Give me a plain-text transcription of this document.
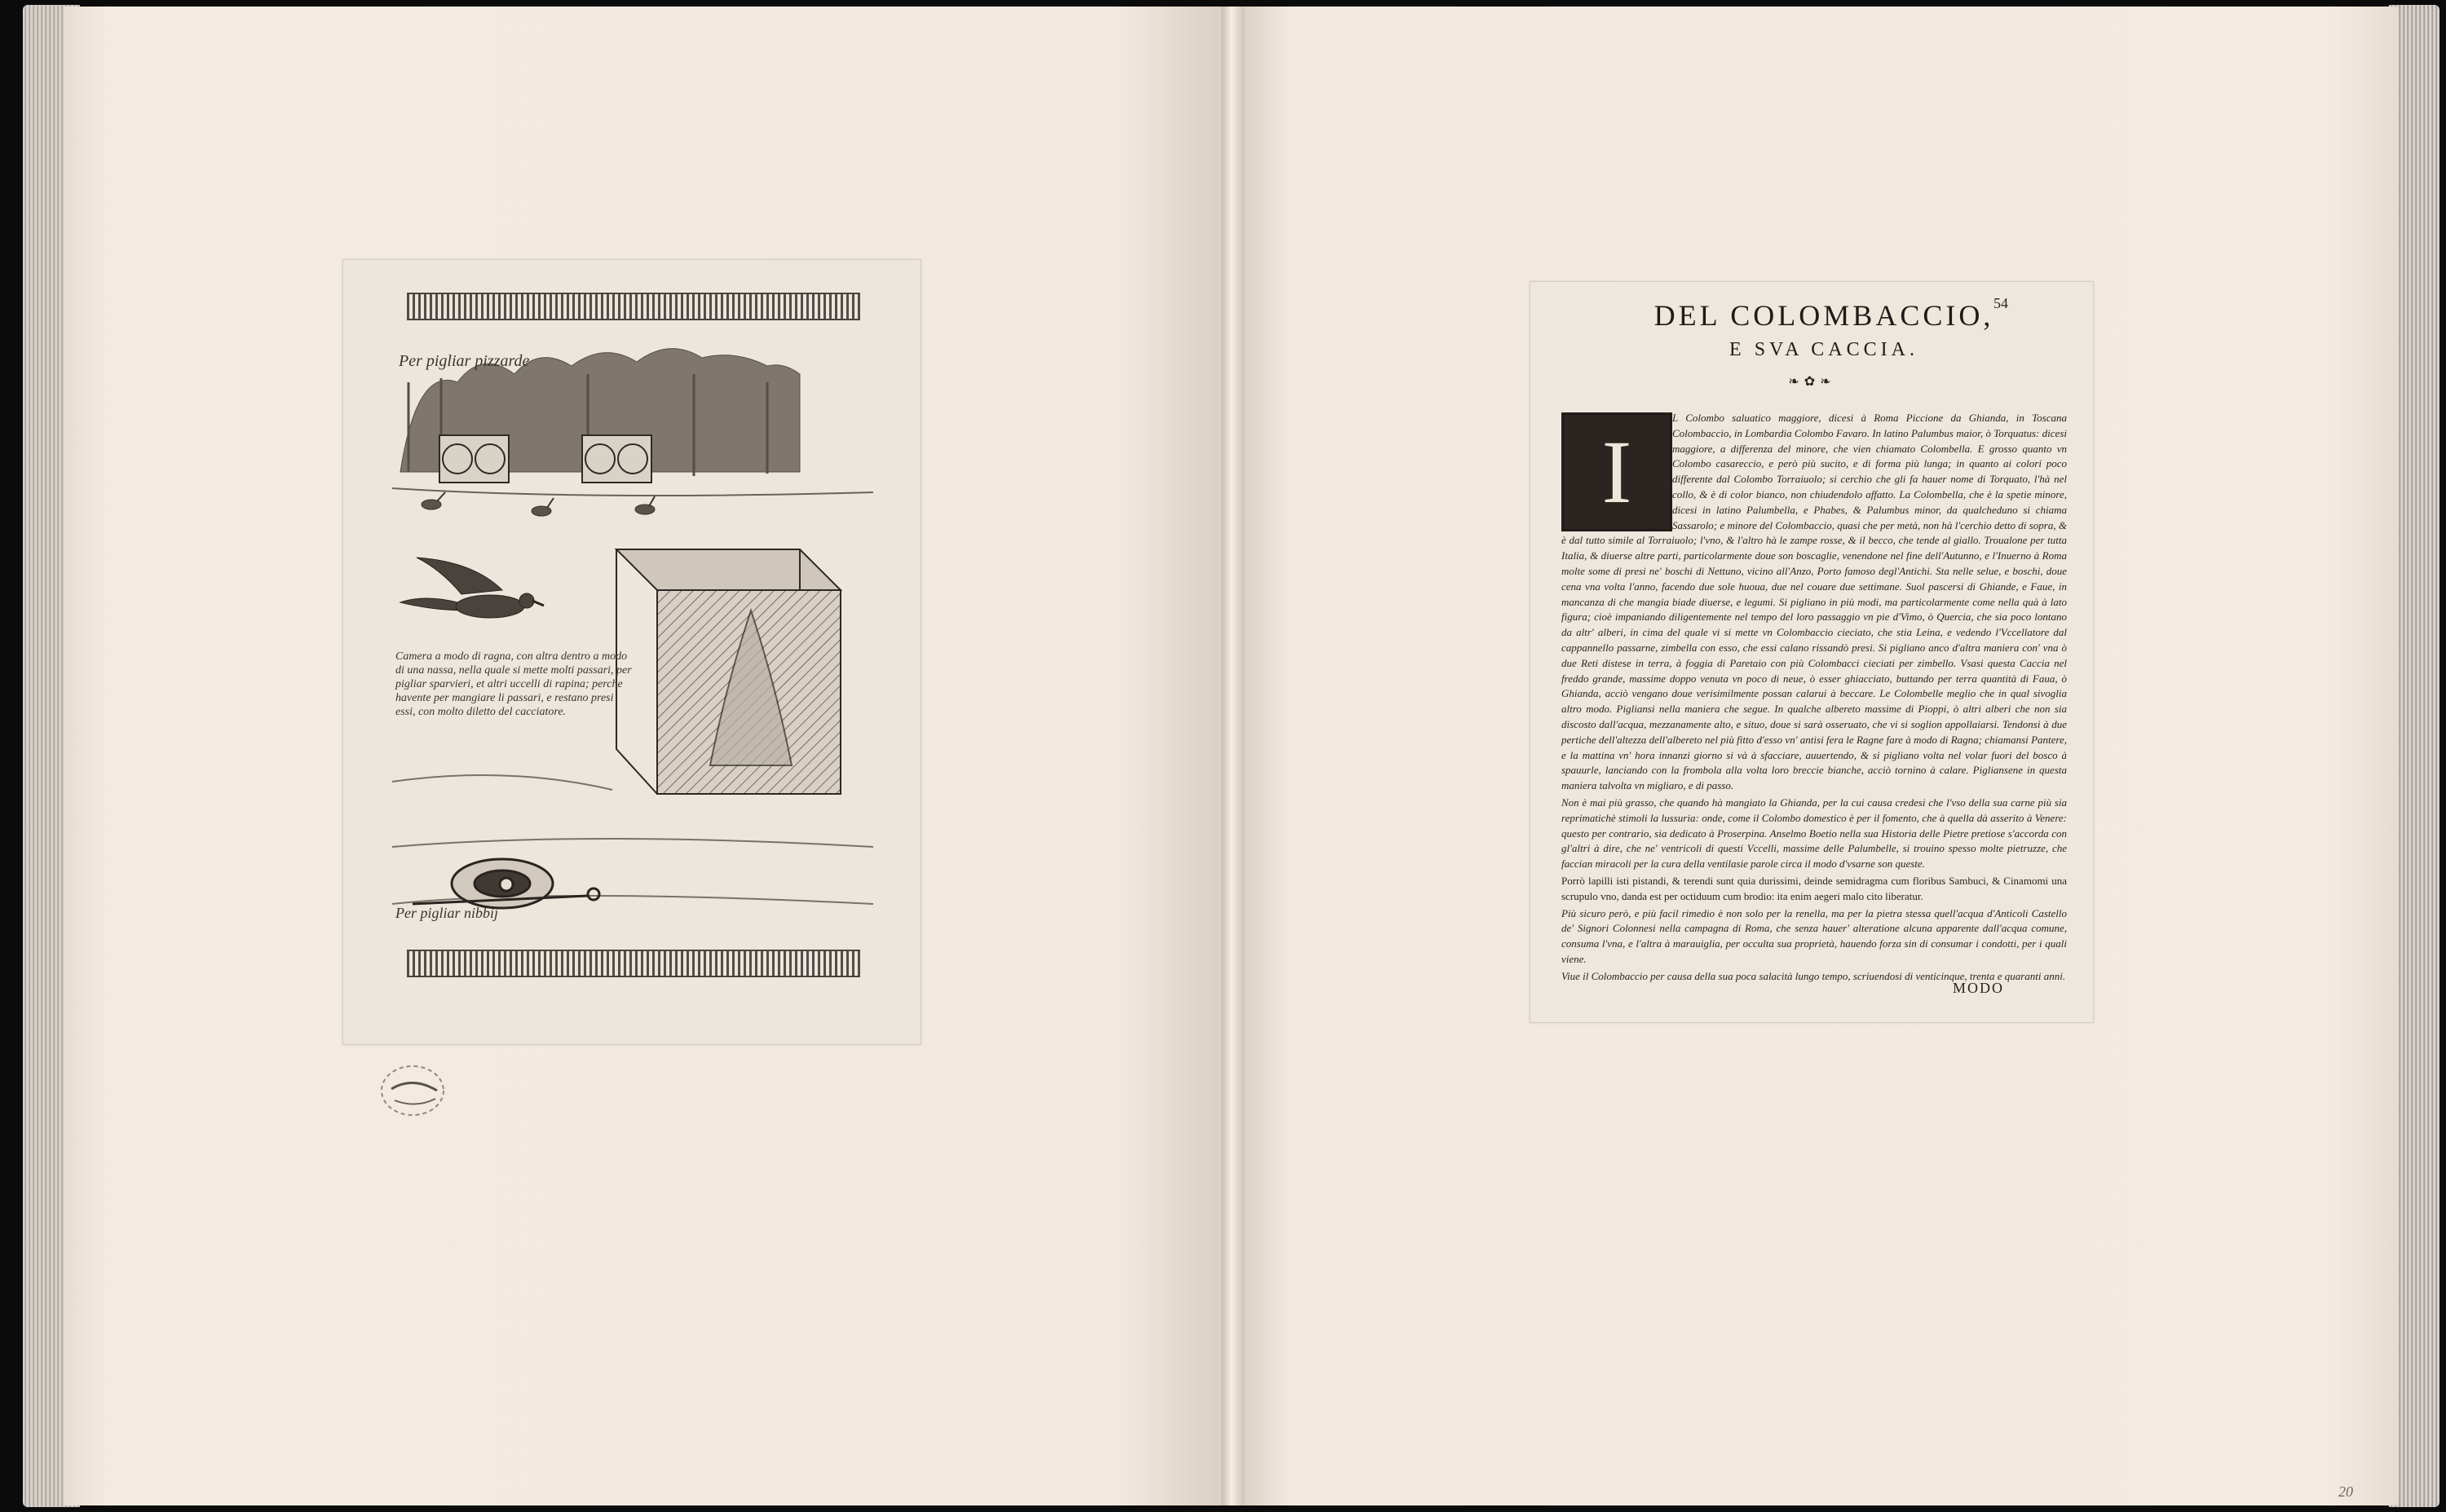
Per pigliar pizzarde
Camera a modo di ragna, con altra dentro a modo di una nassa, nella quale si mette molti passari, per pigliar sparvieri, et altri uccelli di rapina; perche havente per mangiare li passari, e restano presi essi, con molto diletto del cacciatore.
Per pigliar nibbij
DEL COLOMBACCIO, 54
E SVA CACCIA.
❧ ✿ ❧
I

L Colombo saluatico maggiore, dicesi à Roma Piccione da Ghianda, in Toscana Colombaccio, in Lombardia Colombo Favaro. In latino Palumbus maior, ò Torquatus: dicesi maggiore, a differenza del minore, che vien chiamato Colombella. E grosso quanto vn Colombo casareccio, e però più sucito, e di forma più lunga; in quanto ai colori poco differente dal Colombo Torraiuolo; si cerchio che gli fa hauer nome di Torquato, l'hà nel collo, & è di color bianco, non chiudendolo affatto. La Colombella, che è la spetie minore, dicesi in latino Palumbella, e Phabes, & Palumbus minor, da qualcheduno si chiama Sassarolo; e minore del Colombaccio, quasi che per metà, non hà l'cerchio detto di sopra, & è dal tutto simile al Torraiuolo; l'vno, & l'altro hà le zampe rosse, & il becco, che tende al giallo. Troualone per tutta Italia, & diuerse altre parti, particolarmente doue son boscaglie, venendone nel fine dell'Autunno, e l'Inuerno à Roma molte some di presi ne' boschi di Nettuno, vicino all'Anzo, Porto famoso degl'Antichi. Sta nelle selue, e boschi, doue cena vna volta l'anno, facendo due sole huoua, due nel couare due settimane. Suol pascersi di Ghiande, e Faue, in mancanza di che mangia biade diuerse, e legumi. Si pigliano in più modi, ma particolarmente come nella quà à lato figura; cioè impaniando diligentemente nel tempo del loro passaggio vn pie d'Vimo, ò Quercia, che sia poco lontano da altr' alberi, in cima del quale vi si mette vn Colombaccio cieciato, che stia Leina, e vedendo l'Vccellatore dal cappannello passarne, zimbella con esso, che essi calano rissandò presi. Si pigliano anco d'altra maniera con' vna ò due Reti distese in terra, à foggia di Paretaio con più Colombacci cieciati per zimbello. Vsasi questa Caccia nel freddo grande, massime doppo venuta vn poco di neue, ò esser ghiacciato, buttando per terra quantità di Faua, ò Ghianda, acciò vengano doue verisimilmente possan calarui à beccare. Le Colombelle meglio che in qual sivoglia altro modo. Pigliansi nella maniera che segue. In qualche albereto massime di Pioppi, ò altri alberi che non sia discosto dall'acqua, mezzanamente alto, e situo, doue si sarà osseruato, che vi si soglion appollaiarsi. Tendonsi à due pertiche dell'altezza dell'albereto nel più fitto d'esso vn' antisi fera le Ragne fare à modo di Ragna; chiamansi Pantere, e la mattina vn' hora innanzi giorno si và à sfacciare, auuertendo, & si pigliano volta nel volar fuori del bosco à spauurle, lanciando con la frombola alla volta loro breccie bianche, acciò tornino à calare. Pigliansene in questa maniera talvolta vn migliaro, e di passo.

Non è mai più grasso, che quando hà mangiato la Ghianda, per la cui causa credesi che l'vso della sua carne più sia reprimatichè stimoli la lussuria: onde, come il Colombo domestico è per il fomento, che à quella dà asserito à Venere: questo per contrario, sia dedicato à Proserpina. Anselmo Boetio nella sua Historia delle Pietre pretiose s'accorda con gl'altri à dire, che ne' ventricoli di questi Vccelli, massime delle Palumbelle, si trouino spesso molte pietruzze, che faccian miracoli per la cura della ventilasie parole circa il modo d'vsarne son queste.

Porrò lapilli isti pistandi, & terendi sunt quia durissimi, deinde semidragma cum floribus Sambuci, & Cinamomi una scrupulo vno, danda est per octiduum cum brodio: ita enim aegeri malo cito liberatur.

Più sicuro però, e più facil rimedio è non solo per la renella, ma per la pietra stessa quell'acqua d'Anticoli Castello de' Signori Colonnesi nella campagna di Roma, che senza hauer' alteratione alcuna apparente dall'acqua comune, consuma l'vna, e l'altra à marauiglia, per occulta sua proprietà, hauendo forza sin di consumar i condotti, per i quali viene.

Viue il Colombaccio per causa della sua poca salacità lungo tempo, scriuendosi di venticinque, trenta e quaranti anni.

MODO
20
